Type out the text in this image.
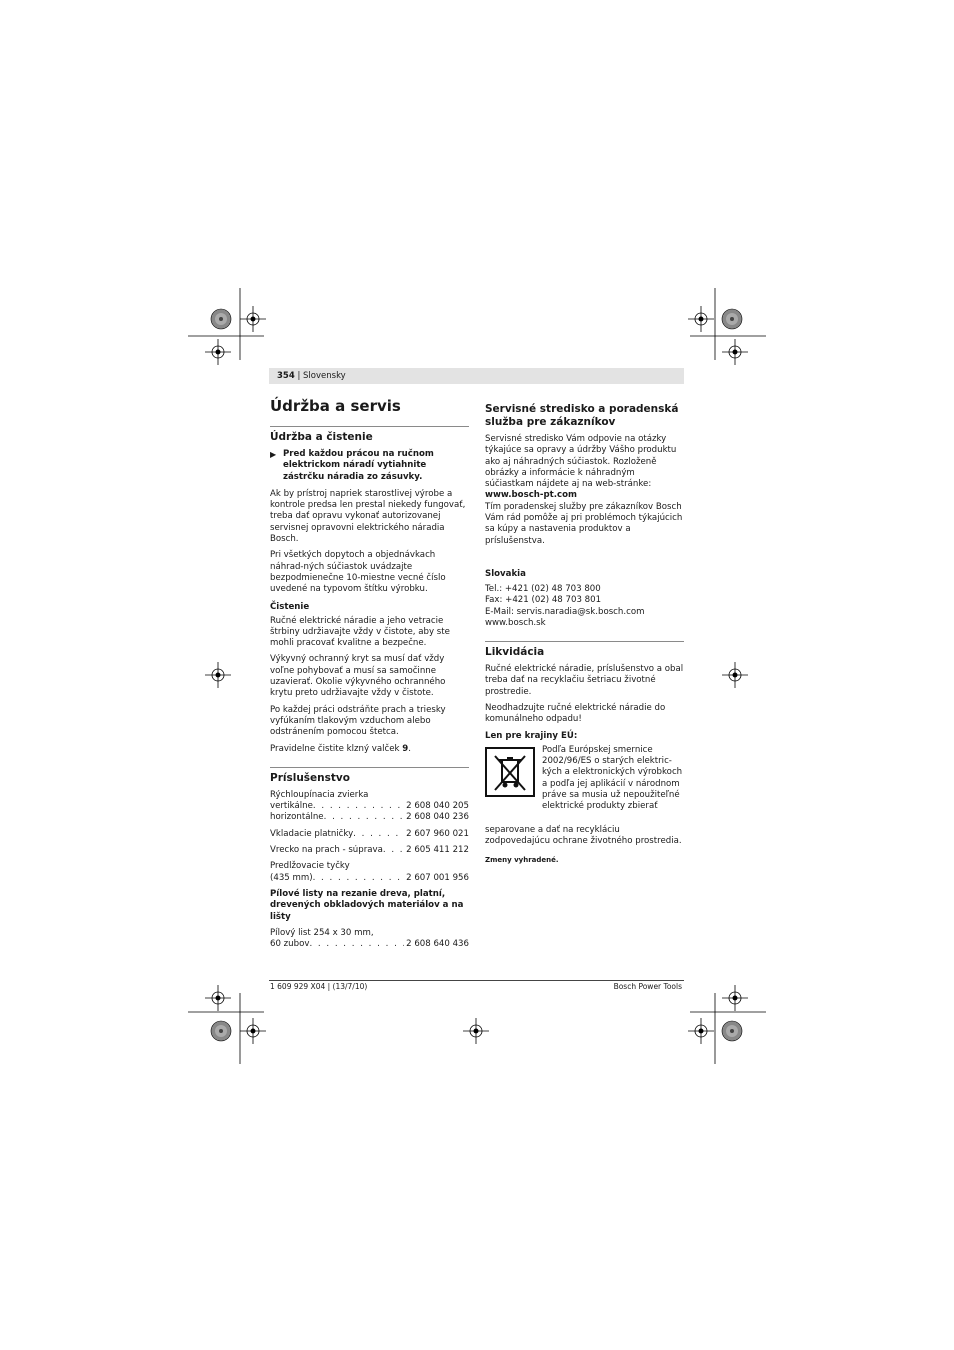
354 | Slovensky
Údržba a servis
Údržba a čistenie
▶ Pred každou prácou na ručnom elektrickom náradí vytiahnite zástrčku náradia zo zásuvky.

Ak by prístroj napriek starostlivej výrobe a kontrole predsa len prestal niekedy fungovať, treba dať opravu vykonať autorizovanej servisnej opravovni elektrického náradia Bosch.

Pri všetkých dopytoch a objednávkach náhrad-ných súčiastok uvádzajte bezpodmienečne 10-miestne vecné číslo uvedené na typovom štítku výrobku.

Čistenie

Ručné elektrické náradie a jeho vetracie štrbiny udržiavajte vždy v čistote, aby ste mohli pracovať kvalitne a bezpečne.

Výkyvný ochranný kryt sa musí dať vždy voľne pohybovať a musí sa samočinne uzavierať. Okolie výkyvného ochranného krytu preto udržiavajte vždy v čistote.

Po každej práci odstráňte prach a triesky vyfúkaním tlakovým vzduchom alebo odstránením pomocou štetca.

Pravidelne čistite klzný valček 9.

Príslušenstvo
Rýchloupínacia zvierka
vertikálne . . .	2 608 040 205
horizontálne . . .	2 608 040 236
Vkladacie platničky . . .	2 607 960 021
Vrecko na prach - súprava . . .	2 605 411 212
Predlžovacie tyčky
(435 mm) . . .	2 607 001 956

Pílové listy na rezanie dreva, platní, drevených obkladových materiálov a na lišty

Pílový list 254 x 30 mm,
60 zubov . . .	2 608 640 436
Servisné stredisko a poradenská služba pre zákazníkov

Servisné stredisko Vám odpovie na otázky týkajúce sa opravy a údržby Vášho produktu ako aj náhradných súčiastok. Rozloženě obrázky a informácie k náhradným súčiastkam nájdete aj na web-stránke:
www.bosch-pt.com

Tím poradenskej služby pre zákazníkov Bosch Vám rád pomôže aj pri problémoch týkajúcich sa kúpy a nastavenia produktov a príslušenstva.

Slovakia
Tel.: +421 (02) 48 703 800
Fax: +421 (02) 48 703 801
E-Mail: servis.naradia@sk.bosch.com
www.bosch.sk
Likvidácia

Ručné elektrické náradie, príslušenstvo a obal treba dať na recyklačiu šetriacu životné prostredie.

Neodhadzujte ručné elektrické náradie do komunálneho odpadu!

Len pre krajiny EÚ:
Podľa Európskej smernice 2002/96/ES o starých elektric-kých a elektronických výrobkoch a podľa jej aplikácií v národnom práve sa musia už nepoužiteľné elektrické produkty zbierať

separovane a dať na recykláciu zodpovedajúcu ochrane životného prostredia.

Zmeny vyhradené.
1 609 929 X04 | (13/7/10)	Bosch Power Tools
